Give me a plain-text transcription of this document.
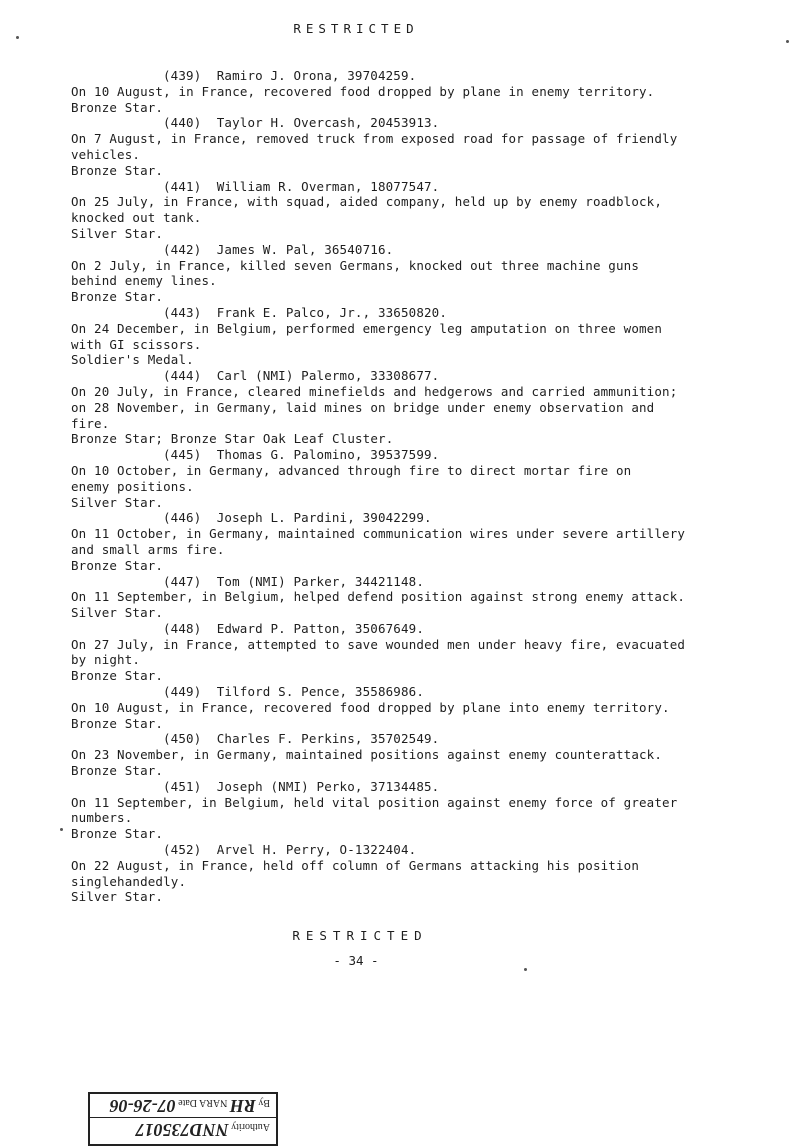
RESTRICTED
(439) Ramiro J. Orona, 39704259.
On 10 August, in France, recovered food dropped by plane in enemy territory.
Bronze Star.
(440) Taylor H. Overcash, 20453913.
On 7 August, in France, removed truck from exposed road for passage of friendly
vehicles.
Bronze Star.
(441) William R. Overman, 18077547.
On 25 July, in France, with squad, aided company, held up by enemy roadblock,
knocked out tank.
Silver Star.
(442) James W. Pal, 36540716.
On 2 July, in France, killed seven Germans, knocked out three machine guns
behind enemy lines.
Bronze Star.
(443) Frank E. Palco, Jr., 33650820.
On 24 December, in Belgium, performed emergency leg amputation on three women
with GI scissors.
Soldier's Medal.
(444) Carl (NMI) Palermo, 33308677.
On 20 July, in France, cleared minefields and hedgerows and carried ammunition;
on 28 November, in Germany, laid mines on bridge under enemy observation and
fire.
Bronze Star; Bronze Star Oak Leaf Cluster.
(445) Thomas G. Palomino, 39537599.
On 10 October, in Germany, advanced through fire to direct mortar fire on
enemy positions.
Silver Star.
(446) Joseph L. Pardini, 39042299.
On 11 October, in Germany, maintained communication wires under severe artillery
and small arms fire.
Bronze Star.
(447) Tom (NMI) Parker, 34421148.
On 11 September, in Belgium, helped defend position against strong enemy attack.
Silver Star.
(448) Edward P. Patton, 35067649.
On 27 July, in France, attempted to save wounded men under heavy fire, evacuated
by night.
Bronze Star.
(449) Tilford S. Pence, 35586986.
On 10 August, in France, recovered food dropped by plane into enemy territory.
Bronze Star.
(450) Charles F. Perkins, 35702549.
On 23 November, in Germany, maintained positions against enemy counterattack.
Bronze Star.
(451) Joseph (NMI) Perko, 37134485.
On 11 September, in Belgium, held vital position against enemy force of greater
numbers.
Bronze Star.
(452) Arvel H. Perry, O-1322404.
On 22 August, in France, held off column of Germans attacking his position
singlehandedly.
Silver Star.
RESTRICTED
- 34 -
Authority NND735017
By RH NARA Date 07-26-06
